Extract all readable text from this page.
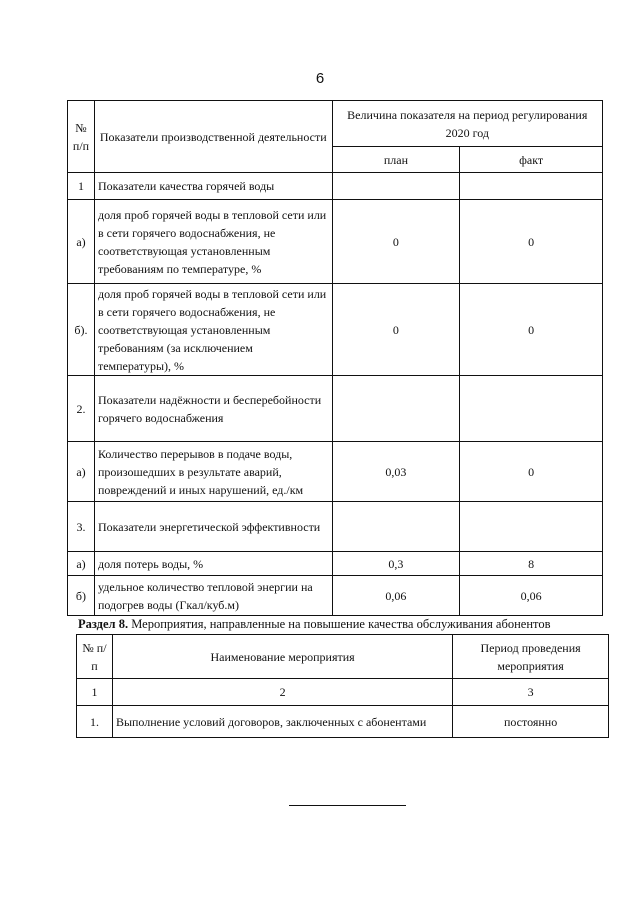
6
№ п/п	Показатели производственной деятельности	Величина показателя на период регулирования 2020 год	
		план	факт
1	Показатели качества горячей воды		
а)	доля проб горячей воды в тепловой сети или в сети горячего водоснабжения, не соответствующая установленным требованиям по температуре, %	0	0
б).	доля проб горячей воды в тепловой сети или в сети горячего водоснабжения, не соответствующая установленным требованиям (за исключением температуры), %	0	0
2.	Показатели надёжности и бесперебойности горячего водоснабжения		
а)	Количество перерывов в подаче воды, произошедших в результате аварий, повреждений и иных нарушений, ед./км	0,03	0
3.	Показатели энергетической эффективности		
а)	доля потерь воды, %	0,3	8
б)	удельное количество тепловой энергии на подогрев воды (Гкал/куб.м)	0,06	0,06
Раздел 8. Мероприятия, направленные на повышение качества обслуживания абонентов
№ п/п	Наименование мероприятия	Период проведения мероприятия
1	2	3
1.	Выполнение условий договоров, заключенных с абонентами	постоянно
